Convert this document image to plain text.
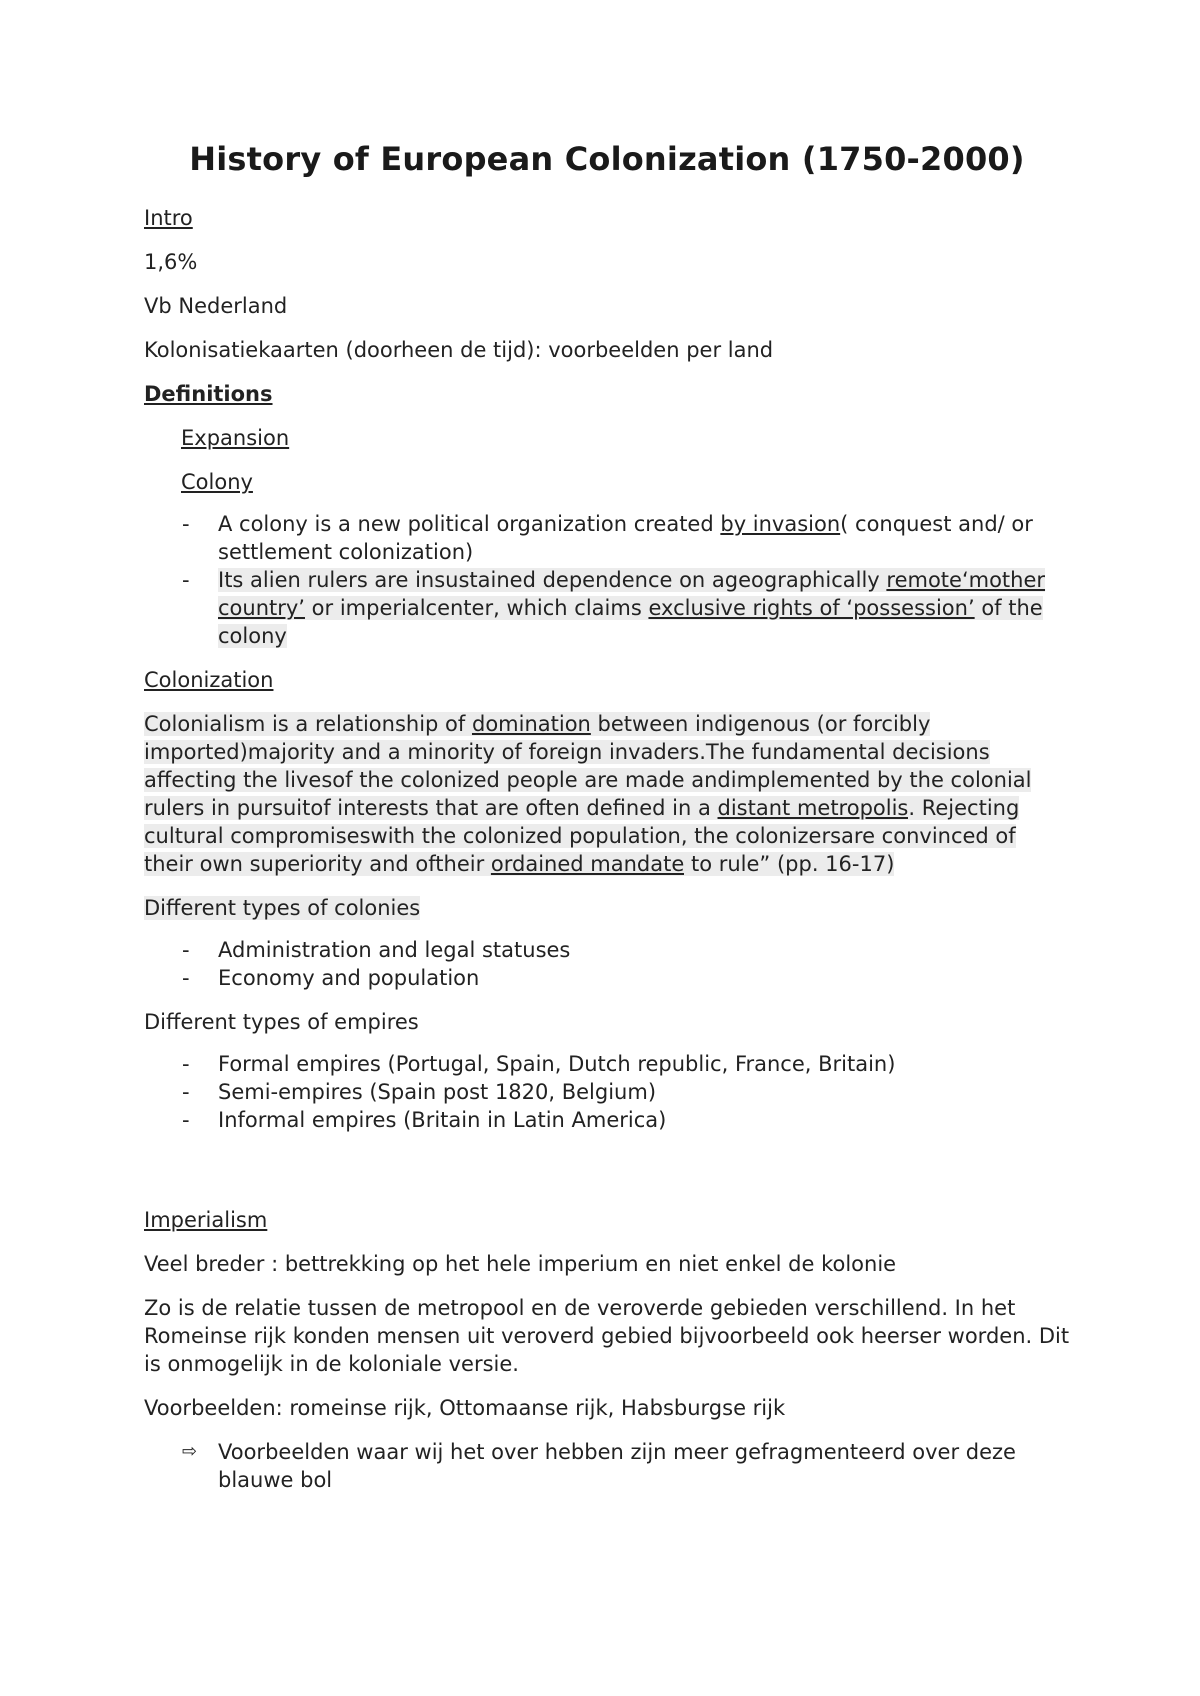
History of European Colonization (1750-2000)

Intro

1,6%

Vb Nederland

Kolonisatiekaarten (doorheen de tijd): voorbeelden per land

Definitions

Expansion

Colony

- A colony is a new political organization created by invasion( conquest and/ or settlement colonization)
- Its alien rulers are insustained dependence on ageographically remote‘mother country’ or imperialcenter, which claims exclusive rights of ‘possession’ of the colony

Colonization

Colonialism is a relationship of domination between indigenous (or forcibly imported)majority and a minority of foreign invaders.The fundamental decisions affecting the livesof the colonized people are made andimplemented by the colonial rulers in pursuitof interests that are often defined in a distant metropolis. Rejecting cultural compromiseswith the colonized population, the colonizersare convinced of their own superiority and oftheir ordained mandate to rule” (pp. 16-17)

Different types of colonies

- Administration and legal statuses
- Economy and population

Different types of empires

- Formal empires (Portugal, Spain, Dutch republic, France, Britain)
- Semi-empires (Spain post 1820, Belgium)
- Informal empires (Britain in Latin America)

Imperialism

Veel breder : bettrekking op het hele imperium en niet enkel de kolonie

Zo is de relatie tussen de metropool en de veroverde gebieden verschillend. In het Romeinse rijk konden mensen uit veroverd gebied bijvoorbeeld ook heerser worden. Dit is onmogelijk in de koloniale versie.

Voorbeelden: romeinse rijk, Ottomaanse rijk, Habsburgse rijk

⇨ Voorbeelden waar wij het over hebben zijn meer gefragmenteerd over deze blauwe bol
